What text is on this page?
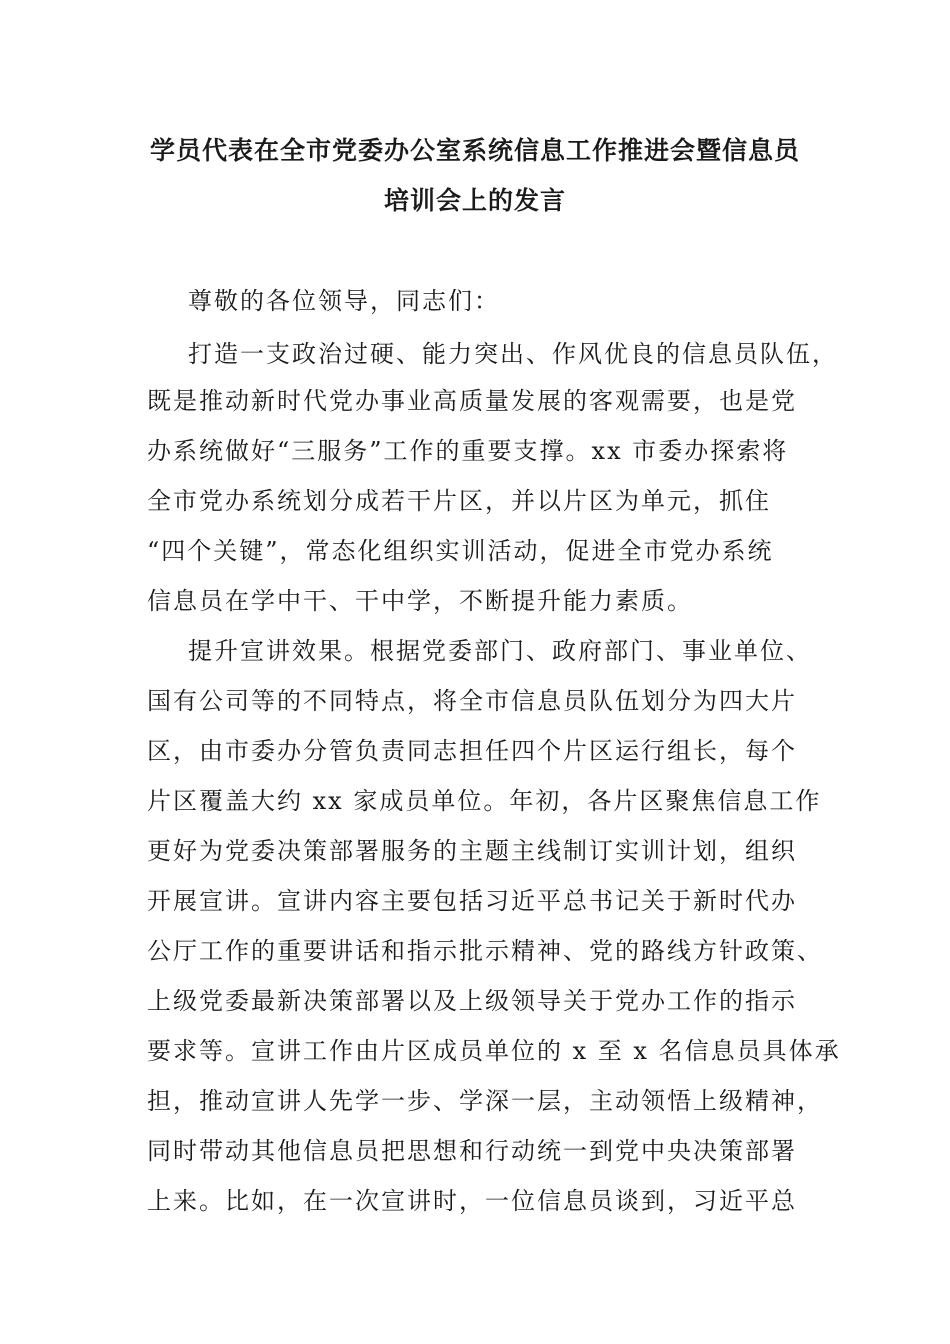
学员代表在全市党委办公室系统信息工作推进会暨信息员
培训会上的发言
尊敬的各位领导，同志们：
打造一支政治过硬、能力突出、作风优良的信息员队伍，
既是推动新时代党办事业高质量发展的客观需要，也是党
办系统做好“三服务”工作的重要支撑。xx 市委办探索将
全市党办系统划分成若干片区，并以片区为单元，抓住
“四个关键”，常态化组织实训活动，促进全市党办系统
信息员在学中干、干中学，不断提升能力素质。
提升宣讲效果。根据党委部门、政府部门、事业单位、
国有公司等的不同特点，将全市信息员队伍划分为四大片
区，由市委办分管负责同志担任四个片区运行组长，每个
片区覆盖大约 xx 家成员单位。年初，各片区聚焦信息工作
更好为党委决策部署服务的主题主线制订实训计划，组织
开展宣讲。宣讲内容主要包括习近平总书记关于新时代办
公厅工作的重要讲话和指示批示精神、党的路线方针政策、
上级党委最新决策部署以及上级领导关于党办工作的指示
要求等。宣讲工作由片区成员单位的 x 至 x 名信息员具体承
担，推动宣讲人先学一步、学深一层，主动领悟上级精神，
同时带动其他信息员把思想和行动统一到党中央决策部署
上来。比如，在一次宣讲时，一位信息员谈到，习近平总
